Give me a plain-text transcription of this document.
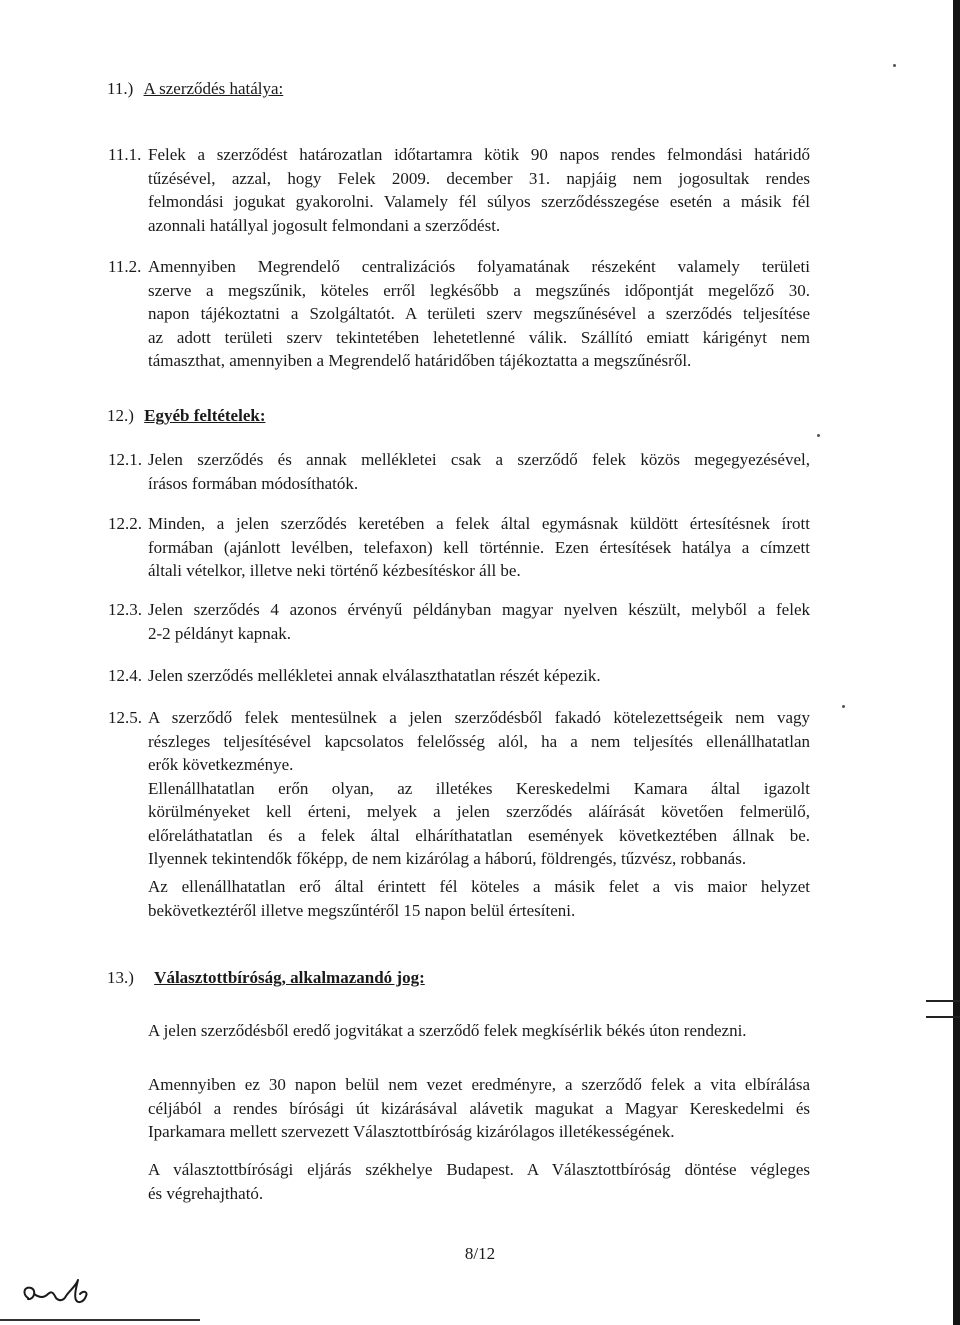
11.) A szerződés hatálya:
11.1. Felek a szerződést határozatlan időtartamra kötik 90 napos rendes felmondási határidő
tűzésével, azzal, hogy Felek 2009. december 31. napjáig nem jogosultak rendes
felmondási jogukat gyakorolni. Valamely fél súlyos szerződésszegése esetén a másik fél
azonnali hatállyal jogosult felmondani a szerződést.
11.2. Amennyiben Megrendelő centralizációs folyamatának részeként valamely területi
szerve a megszűnik, köteles erről legkésőbb a megszűnés időpontját megelőző 30.
napon tájékoztatni a Szolgáltatót. A területi szerv megszűnésével a szerződés teljesítése
az adott területi szerv tekintetében lehetetlenné válik. Szállító emiatt kárigényt nem
támaszthat, amennyiben a Megrendelő határidőben tájékoztatta a megszűnésről.
12.) Egyéb feltételek:
12.1. Jelen szerződés és annak mellékletei csak a szerződő felek közös megegyezésével,
írásos formában módosíthatók.
12.2. Minden, a jelen szerződés keretében a felek által egymásnak küldött értesítésnek írott
formában (ajánlott levélben, telefaxon) kell történnie. Ezen értesítések hatálya a címzett
általi vételkor, illetve neki történő kézbesítéskor áll be.
12.3. Jelen szerződés 4 azonos érvényű példányban magyar nyelven készült, melyből a felek
2-2 példányt kapnak.
12.4. Jelen szerződés mellékletei annak elválaszthatatlan részét képezik.
12.5. A szerződő felek mentesülnek a jelen szerződésből fakadó kötelezettségeik nem vagy
részleges teljesítésével kapcsolatos felelősség alól, ha a nem teljesítés ellenállhatatlan
erők következménye.
Ellenállhatatlan erőn olyan, az illetékes Kereskedelmi Kamara által igazolt
körülményeket kell érteni, melyek a jelen szerződés aláírását követően felmerülő,
előreláthatatlan és a felek által elháríthatatlan események következtében állnak be.
Ilyennek tekintendők főképp, de nem kizárólag a háború, földrengés, tűzvész, robbanás.
Az ellenállhatatlan erő által érintett fél köteles a másik felet a vis maior helyzet
bekövetkeztéről illetve megszűntéről 15 napon belül értesíteni.
13.) Választottbíróság, alkalmazandó jog:
A jelen szerződésből eredő jogvitákat a szerződő felek megkísérlik békés úton rendezni.
Amennyiben ez 30 napon belül nem vezet eredményre, a szerződő felek a vita elbírálása
céljából a rendes bírósági út kizárásával alávetik magukat a Magyar Kereskedelmi és
Iparkamara mellett szervezett Választottbíróság kizárólagos illetékességének.
A választottbírósági eljárás székhelye Budapest. A Választottbíróság döntése végleges
és végrehajtható.
8/12
